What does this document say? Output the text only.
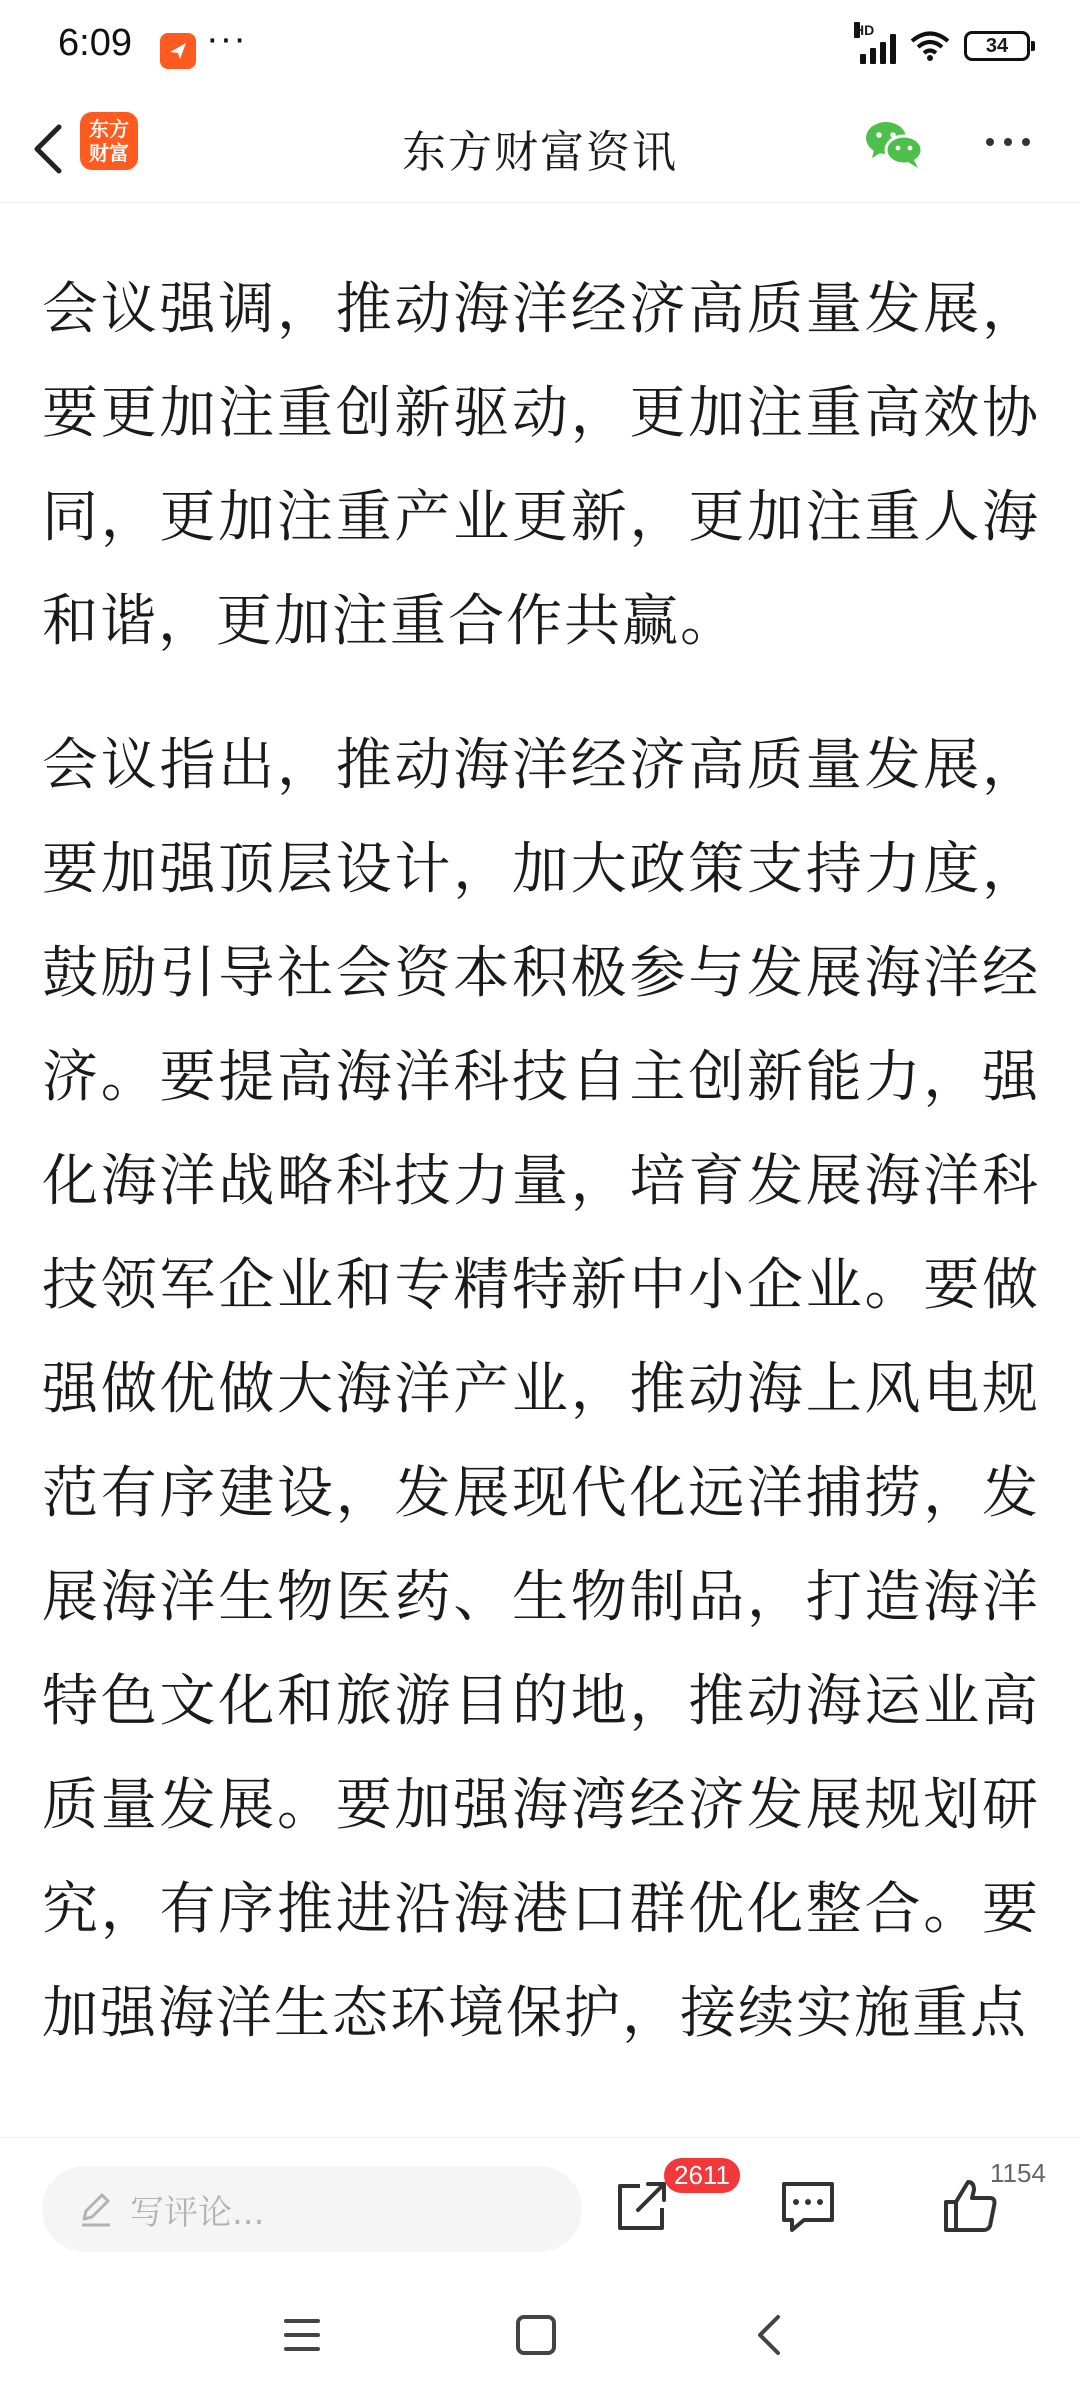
6:09 ···	HD
34
东方
财富	东方财富资讯

会议强调，推动海洋经济高质量发展，要更加注重创新驱动，更加注重高效协同，更加注重产业更新，更加注重人海和谐，更加注重合作共赢。

会议指出，推动海洋经济高质量发展，要加强顶层设计，加大政策支持力度，鼓励引导社会资本积极参与发展海洋经济。要提高海洋科技自主创新能力，强化海洋战略科技力量，培育发展海洋科技领军企业和专精特新中小企业。要做强做优做大海洋产业，推动海上风电规范有序建设，发展现代化远洋捕捞，发展海洋生物医药、生物制品，打造海洋特色文化和旅游目的地，推动海运业高质量发展。要加强海湾经济发展规划研究，有序推进沿海港口群优化整合。要加强海洋生态环境保护，接续实施重点

写评论...
2611	1154
